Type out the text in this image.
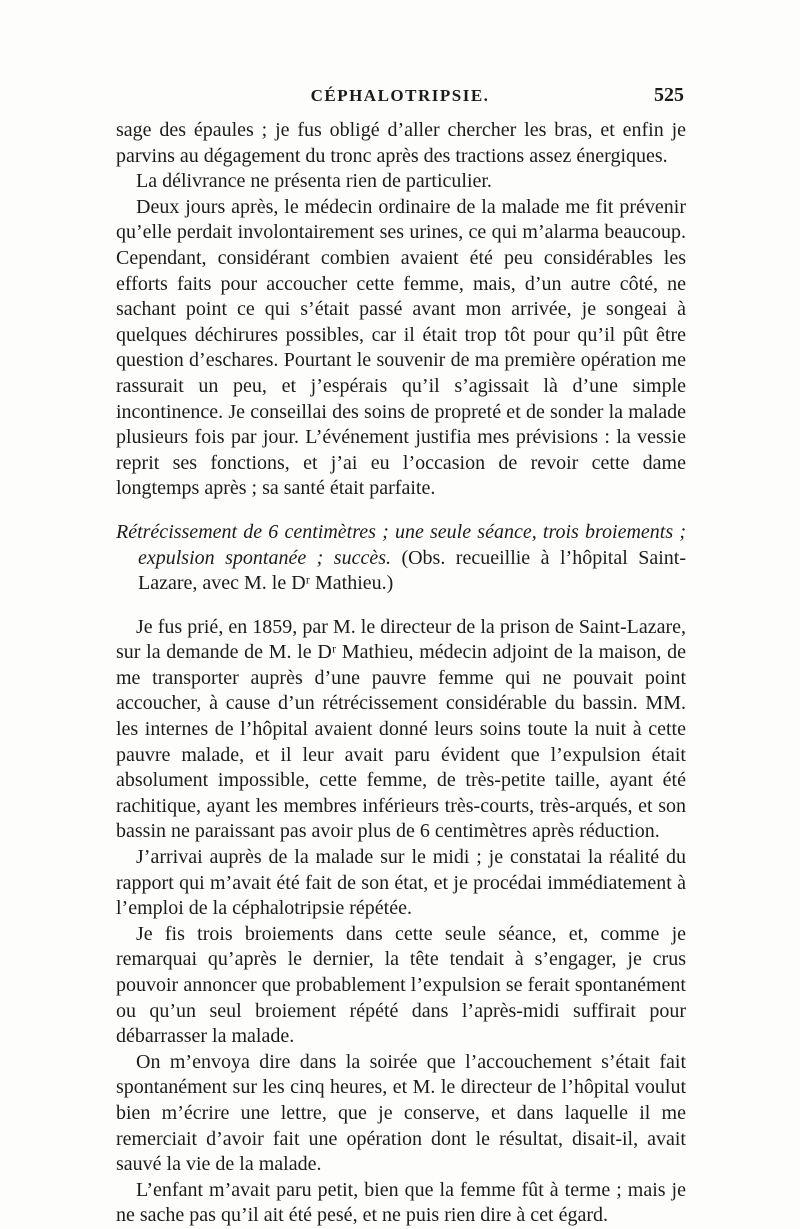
CÉPHALOTRIPSIE.	525

sage des épaules ; je fus obligé d’aller chercher les bras, et enfin je parvins au dégagement du tronc après des tractions assez énergiques.

La délivrance ne présenta rien de particulier.

Deux jours après, le médecin ordinaire de la malade me fit prévenir qu’elle perdait involontairement ses urines, ce qui m’alarma beaucoup. Cependant, considérant combien avaient été peu considérables les efforts faits pour accoucher cette femme, mais, d’un autre côté, ne sachant point ce qui s’était passé avant mon arrivée, je songeai à quelques déchirures possibles, car il était trop tôt pour qu’il pût être question d’eschares. Pourtant le souvenir de ma première opération me rassurait un peu, et j’espérais qu’il s’agissait là d’une simple incontinence. Je conseillai des soins de propreté et de sonder la malade plusieurs fois par jour. L’événement justifia mes prévisions : la vessie reprit ses fonctions, et j’ai eu l’occasion de revoir cette dame longtemps après ; sa santé était parfaite.

Rétrécissement de 6 centimètres ; une seule séance, trois broiements ; expulsion spontanée ; succès. (Obs. recueillie à l’hôpital Saint-Lazare, avec M. le Dʳ Mathieu.)

Je fus prié, en 1859, par M. le directeur de la prison de Saint-Lazare, sur la demande de M. le Dʳ Mathieu, médecin adjoint de la maison, de me transporter auprès d’une pauvre femme qui ne pouvait point accoucher, à cause d’un rétrécissement considérable du bassin. MM. les internes de l’hôpital avaient donné leurs soins toute la nuit à cette pauvre malade, et il leur avait paru évident que l’expulsion était absolument impossible, cette femme, de très-petite taille, ayant été rachitique, ayant les membres inférieurs très-courts, très-arqués, et son bassin ne paraissant pas avoir plus de 6 centimètres après réduction.

J’arrivai auprès de la malade sur le midi ; je constatai la réalité du rapport qui m’avait été fait de son état, et je procédai immédiatement à l’emploi de la céphalotripsie répétée.

Je fis trois broiements dans cette seule séance, et, comme je remarquai qu’après le dernier, la tête tendait à s’engager, je crus pouvoir annoncer que probablement l’expulsion se ferait spontanément ou qu’un seul broiement répété dans l’après-midi suffirait pour débarrasser la malade.

On m’envoya dire dans la soirée que l’accouchement s’était fait spontanément sur les cinq heures, et M. le directeur de l’hôpital voulut bien m’écrire une lettre, que je conserve, et dans laquelle il me remerciait d’avoir fait une opération dont le résultat, disait-il, avait sauvé la vie de la malade.

L’enfant m’avait paru petit, bien que la femme fût à terme ; mais je ne sache pas qu’il ait été pesé, et ne puis rien dire à cet égard.
